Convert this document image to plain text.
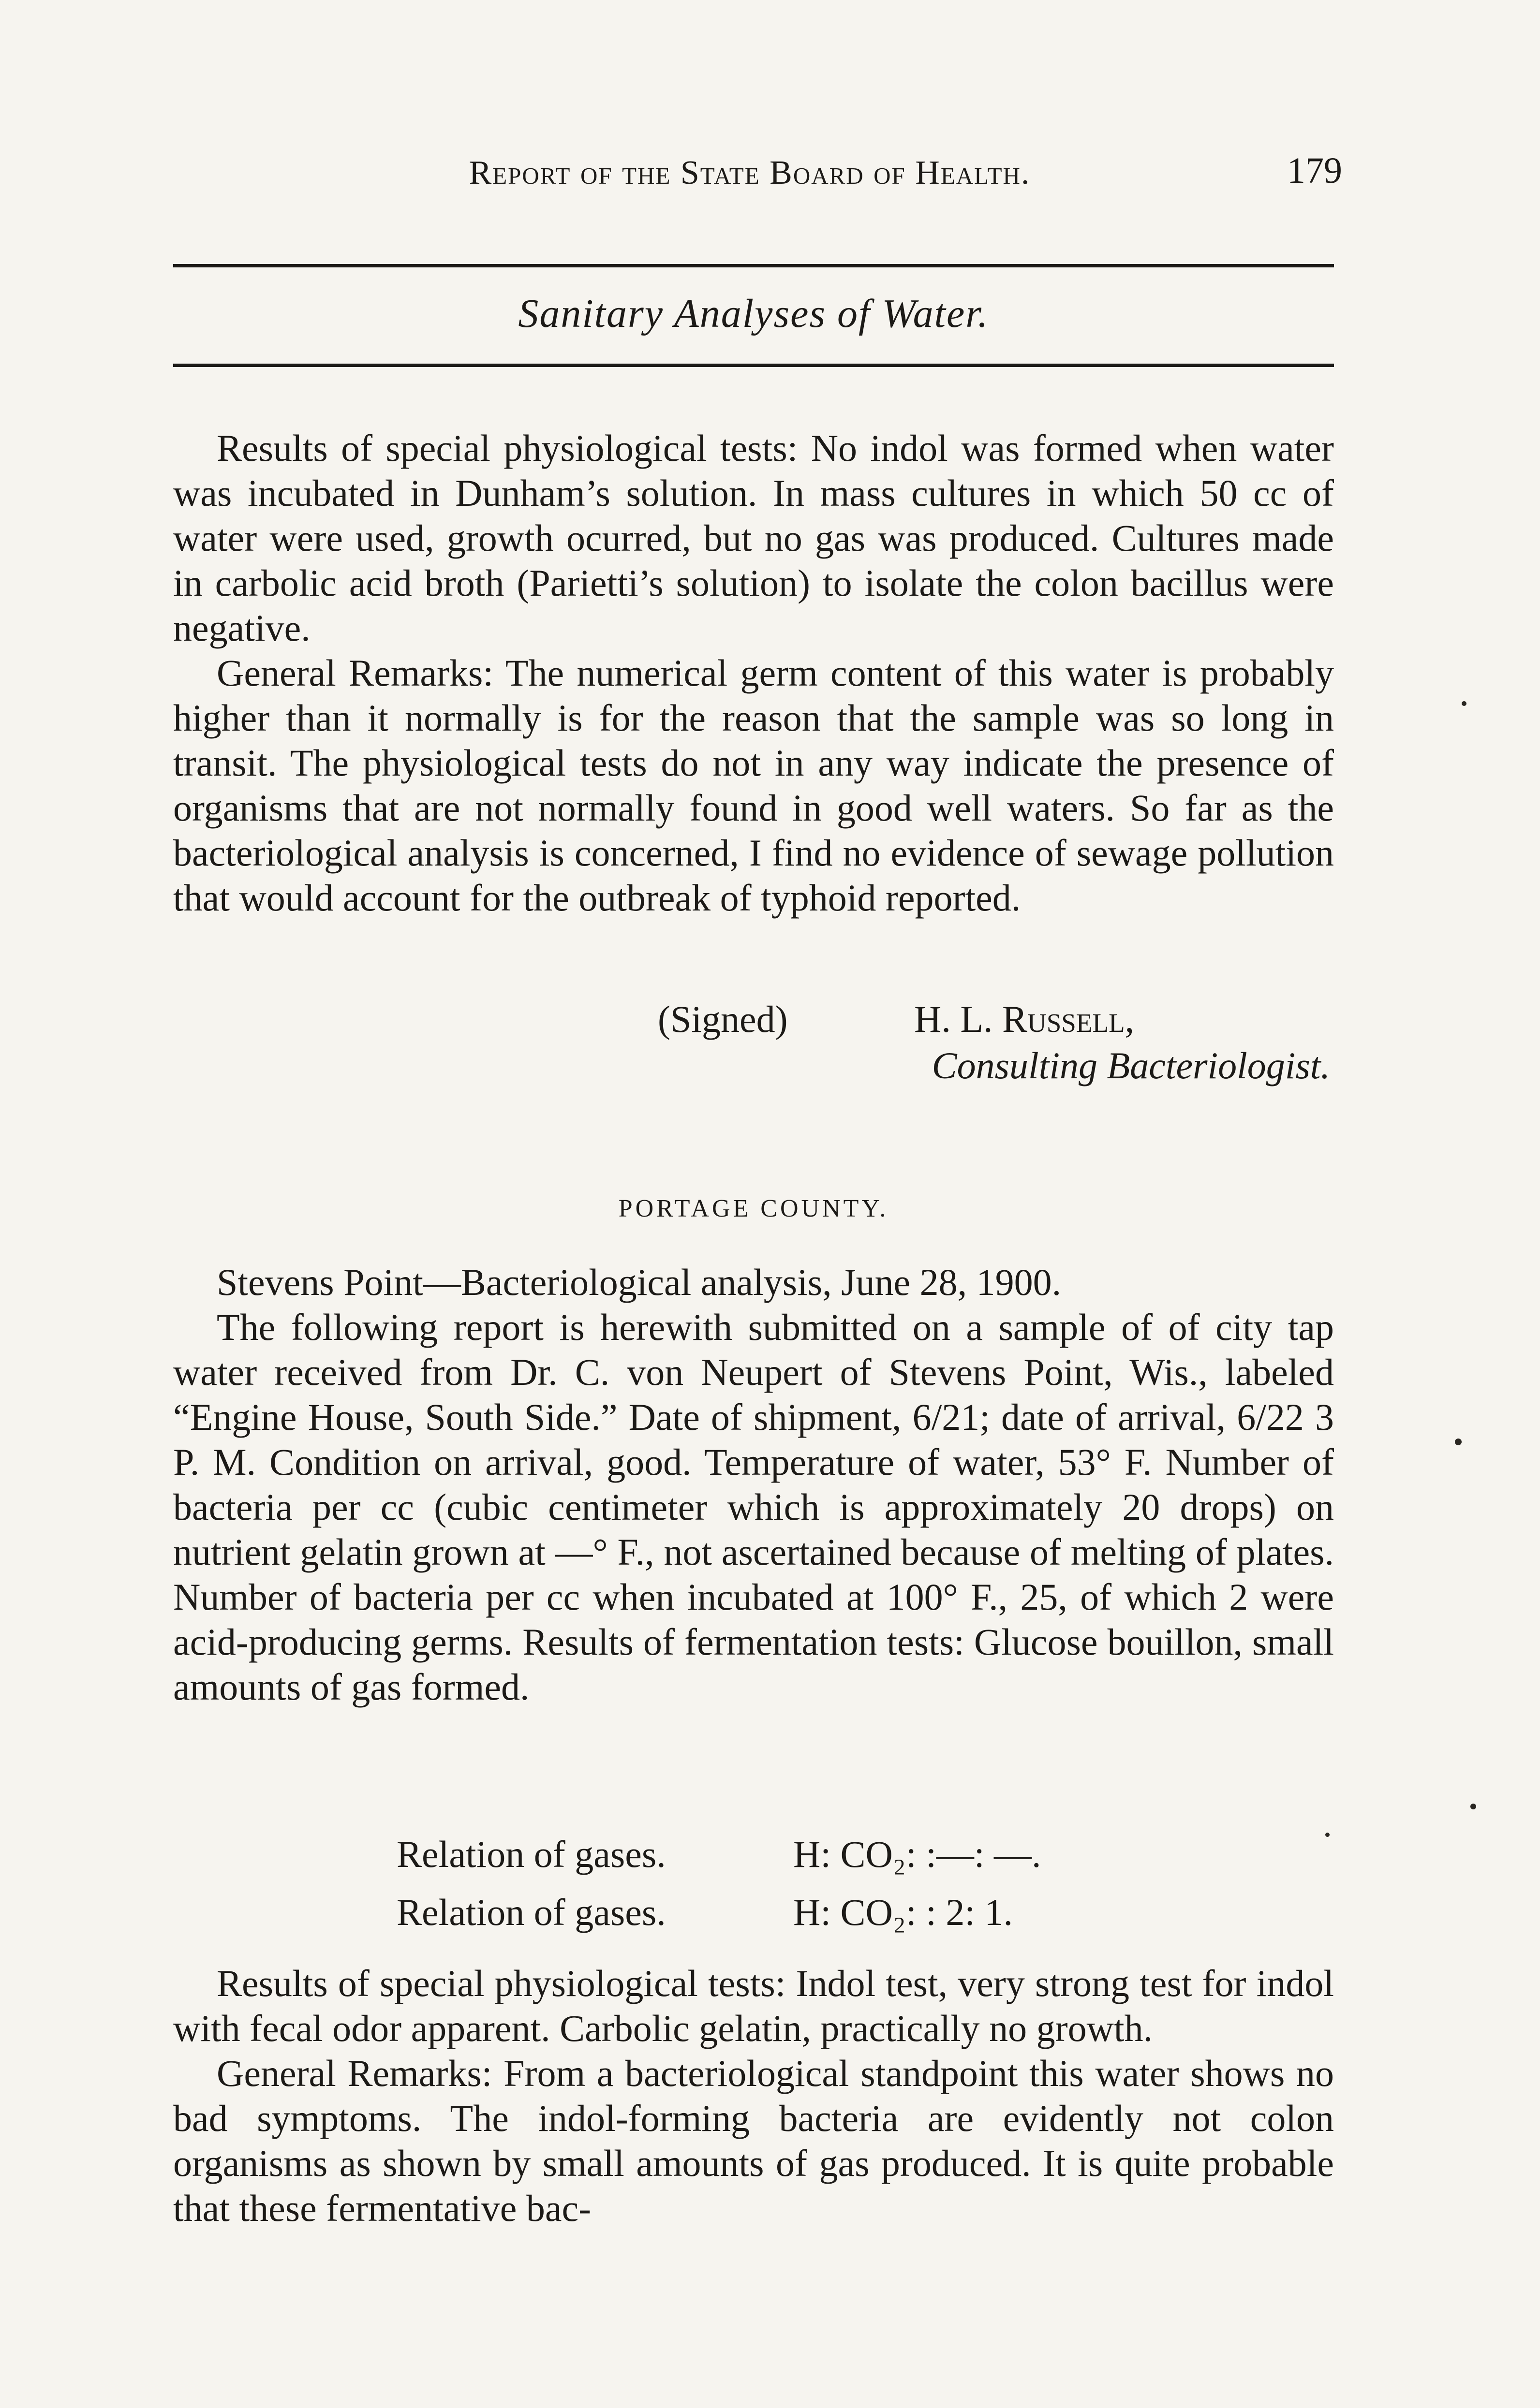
Report of the State Board of Health.	179
Sanitary Analyses of Water.

Results of special physiological tests: No indol was formed when water was incubated in Dunham’s solution. In mass cultures in which 50 cc of water were used, growth ocurred, but no gas was produced. Cultures made in carbolic acid broth (Parietti’s solution) to isolate the colon bacillus were negative.

General Remarks: The numerical germ content of this water is probably higher than it normally is for the reason that the sample was so long in transit. The physiological tests do not in any way indicate the presence of organisms that are not normally found in good well waters. So far as the bacteriological analysis is concerned, I find no evidence of sewage pollution that would account for the outbreak of typhoid reported.

(Signed)	H. L. Russell,
Consulting Bacteriologist.
PORTAGE COUNTY.

Stevens Point—Bacteriological analysis, June 28, 1900.

The following report is herewith submitted on a sample of of city tap water received from Dr. C. von Neupert of Stevens Point, Wis., labeled “Engine House, South Side.” Date of shipment, 6/21; date of arrival, 6/22 3 P. M. Condition on arrival, good. Temperature of water, 53° F. Number of bacteria per cc (cubic centimeter which is approximately 20 drops) on nutrient gelatin grown at —° F., not ascertained because of melting of plates. Number of bacteria per cc when incubated at 100° F., 25, of which 2 were acid-producing germs. Results of fermentation tests: Glucose bouillon, small amounts of gas formed.

Relation of gases.	H: CO₂: :—: —.
Relation of gases.	H: CO₂: : 2: 1.

Results of special physiological tests: Indol test, very strong test for indol with fecal odor apparent. Carbolic gelatin, practically no growth.

General Remarks: From a bacteriological standpoint this water shows no bad symptoms. The indol-forming bacteria are evidently not colon organisms as shown by small amounts of gas produced. It is quite probable that these fermentative bac-
